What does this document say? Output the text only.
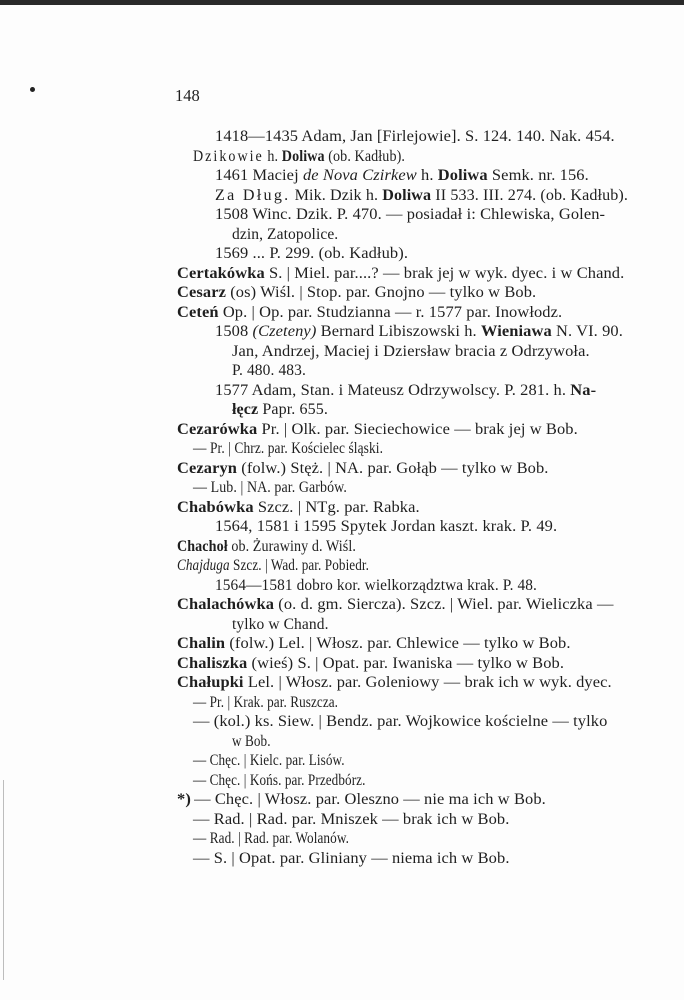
148
1418—1435 Adam, Jan [Firlejowie]. S. 124. 140. Nak. 454.
Dzikowie h. Doliwa (ob. Kadłub).
1461 Maciej de Nova Czirkew h. Doliwa Semk. nr. 156.
Za Dług. Mik. Dzik h. Doliwa II 533. III. 274. (ob. Kadłub).
1508 Winc. Dzik. P. 470. — posiadał i: Chlewiska, Golen-
dzin, Zatopolice.
1569 ... P. 299. (ob. Kadłub).
Certakówka S. | Miel. par....? — brak jej w wyk. dyec. i w Chand.
Cesarz (os) Wiśl. | Stop. par. Gnojno — tylko w Bob.
Ceteń Op. | Op. par. Studzianna — r. 1577 par. Inowłodz.
1508 (Czeteny) Bernard Libiszowski h. Wieniawa N. VI. 90.
Jan, Andrzej, Maciej i Dziersław bracia z Odrzywoła.
P. 480. 483.
1577 Adam, Stan. i Mateusz Odrzywolscy. P. 281. h. Na-
łęcz Papr. 655.
Cezarówka Pr. | Olk. par. Sieciechowice — brak jej w Bob.
— Pr. | Chrz. par. Kościelec śląski.
Cezaryn (folw.) Stęż. | NA. par. Gołąb — tylko w Bob.
— Lub. | NA. par. Garbów.
Chabówka Szcz. | NTg. par. Rabka.
1564, 1581 i 1595 Spytek Jordan kaszt. krak. P. 49.
Chachoł ob. Żurawiny d. Wiśl.
Chajduga Szcz. | Wad. par. Pobiedr.
1564—1581 dobro kor. wielkorządztwa krak. P. 48.
Chalachówka (o. d. gm. Siercza). Szcz. | Wiel. par. Wieliczka —
tylko w Chand.
Chalin (folw.) Lel. | Włosz. par. Chlewice — tylko w Bob.
Chaliszka (wieś) S. | Opat. par. Iwaniska — tylko w Bob.
Chałupki Lel. | Włosz. par. Goleniowy — brak ich w wyk. dyec.
— Pr. | Krak. par. Ruszcza.
— (kol.) ks. Siew. | Bendz. par. Wojkowice kościelne — tylko
w Bob.
— Chęc. | Kielc. par. Lisów.
— Chęc. | Końs. par. Przedbórz.
*) — Chęc. | Włosz. par. Oleszno — nie ma ich w Bob.
— Rad. | Rad. par. Mniszek — brak ich w Bob.
— Rad. | Rad. par. Wolanów.
— S. | Opat. par. Gliniany — niema ich w Bob.
